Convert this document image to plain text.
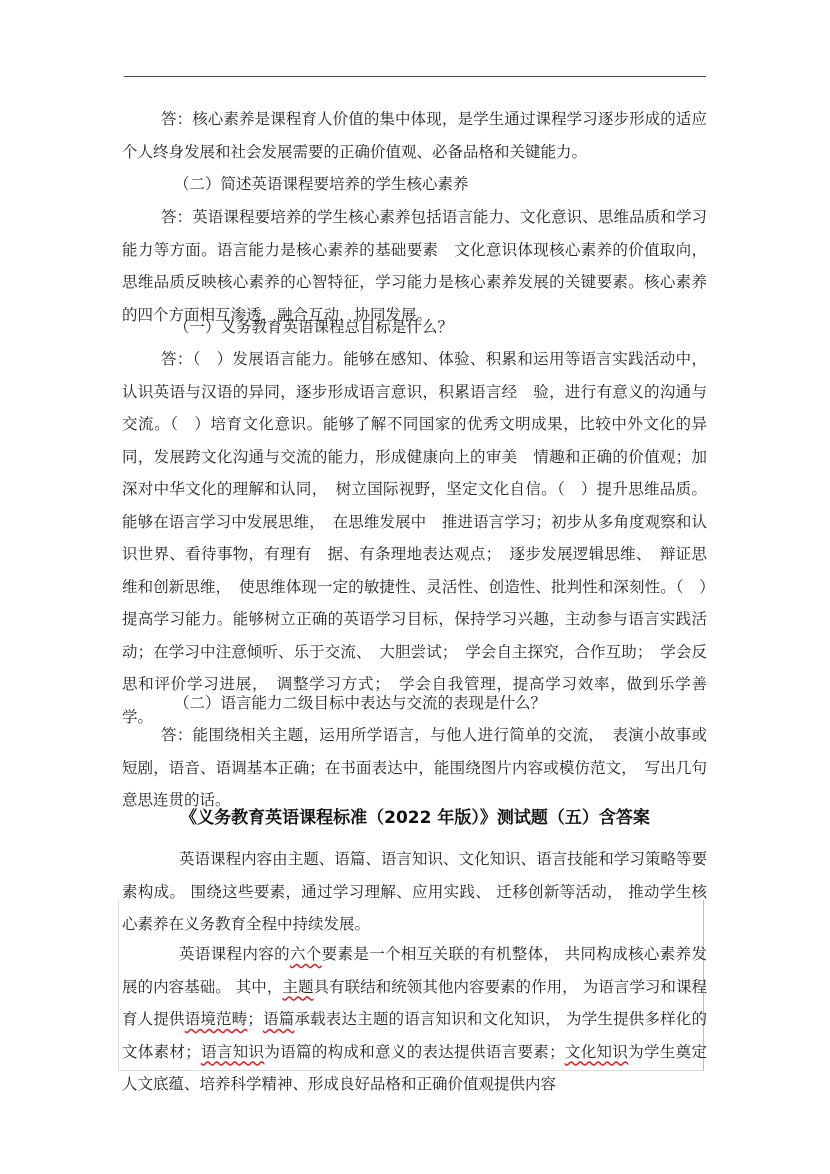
答：核心素养是课程育人价值的集中体现，是学生通过课程学习逐步形成的适应个人终身发展和社会发展需要的正确价值观、必备品格和关键能力。

（二）简述英语课程要培养的学生核心素养

答：英语课程要培养的学生核心素养包括语言能力、文化意识、思维品质和学习能力等方面。语言能力是核心素养的基础要素　文化意识体现核心素养的价值取向，思维品质反映核心素养的心智特征，学习能力是核心素养发展的关键要素。核心素养的四个方面相互渗透，融合互动，协同发展。

（一）义务教育英语课程总目标是什么？

答：（　）发展语言能力。能够在感知、体验、积累和运用等语言实践活动中，认识英语与汉语的异同，逐步形成语言意识，积累语言经　验，进行有意义的沟通与交流。（　）培育文化意识。能够了解不同国家的优秀文明成果，比较中外文化的异同，发展跨文化沟通与交流的能力，形成健康向上的审美　情趣和正确的价值观；加深对中华文化的理解和认同，　树立国际视野，坚定文化自信。（　）提升思维品质。能够在语言学习中发展思维，　在思维发展中　推进语言学习；初步从多角度观察和认识世界、看待事物，有理有　据、有条理地表达观点；　逐步发展逻辑思维、　辩证思维和创新思维，　使思维体现一定的敏捷性、灵活性、创造性、批判性和深刻性。（　）提高学习能力。能够树立正确的英语学习目标，保持学习兴趣，主动参与语言实践活动；在学习中注意倾听、乐于交流、　大胆尝试；　学会自主探究，合作互助；　学会反思和评价学习进展，　调整学习方式；　学会自我管理，提高学习效率，做到乐学善学。

（二）语言能力二级目标中表达与交流的表现是什么？

答：能围绕相关主题，运用所学语言，与他人进行简单的交流，　表演小故事或短剧，语音、语调基本正确；在书面表达中，能围绕图片内容或模仿范文，　写出几句意思连贯的话。

《义务教育英语课程标准（2022 年版）》测试题（五）含答案

英语课程内容由主题、语篇、语言知识、文化知识、语言技能和学习策略等要素构成。 围绕这些要素，通过学习理解、应用实践、 迁移创新等活动， 推动学生核心素养在义务教育全程中持续发展。

英语课程内容的六个要素是一个相互关联的有机整体， 共同构成核心素养发展的内容基础。 其中，主题具有联结和统领其他内容要素的作用， 为语言学习和课程育人提供语境范畴；语篇承载表达主题的语言知识和文化知识， 为学生提供多样化的文体素材；语言知识为语篇的构成和意义的表达提供语言要素；文化知识为学生奠定人文底蕴、培养科学精神、形成良好品格和正确价值观提供内容
